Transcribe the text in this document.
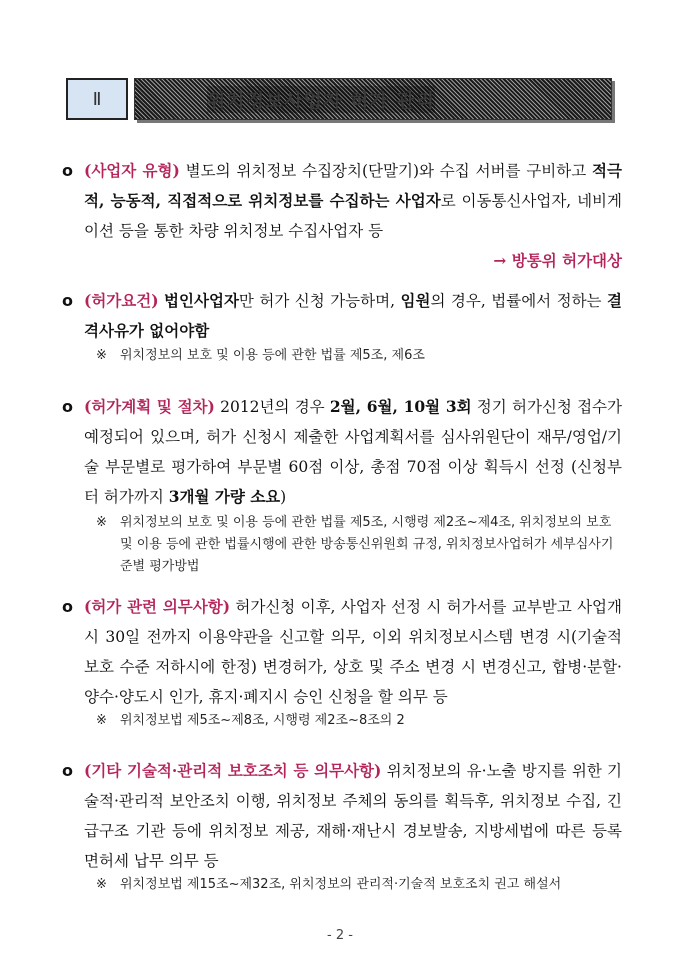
Ⅱ	위치정보사업자 허가 관리
ο (사업자 유형) 별도의 위치정보 수집장치(단말기)와 수집 서버를 구비하고 적극적, 능동적, 직접적으로 위치정보를 수집하는 사업자로 이동통신사업자, 네비게이션 등을 통한 차량 위치정보 수집사업자 등
→ 방통위 허가대상
ο (허가요건) 법인사업자만 허가 신청 가능하며, 임원의 경우, 법률에서 정하는 결격사유가 없어야함
※ 위치정보의 보호 및 이용 등에 관한 법률 제5조, 제6조
ο (허가계획 및 절차) 2012년의 경우 2월, 6월, 10월 3회 정기 허가신청 접수가 예정되어 있으며, 허가 신청시 제출한 사업계획서를 심사위원단이 재무/영업/기술 부문별로 평가하여 부문별 60점 이상, 총점 70점 이상 획득시 선정 (신청부터 허가까지 3개월 가량 소요)
※ 위치정보의 보호 및 이용 등에 관한 법률 제5조, 시행령 제2조~제4조, 위치정보의 보호 및 이용 등에 관한 법률시행에 관한 방송통신위원회 규정, 위치정보사업허가 세부심사기준별 평가방법
ο (허가 관련 의무사항) 허가신청 이후, 사업자 선정 시 허가서를 교부받고 사업개시 30일 전까지 이용약관을 신고할 의무, 이외 위치정보시스템 변경 시(기술적 보호 수준 저하시에 한정) 변경허가, 상호 및 주소 변경 시 변경신고, 합병·분할·양수·양도시 인가, 휴지·폐지시 승인 신청을 할 의무 등
※ 위치정보법 제5조~제8조, 시행령 제2조~8조의 2
ο (기타 기술적·관리적 보호조치 등 의무사항) 위치정보의 유·노출 방지를 위한 기술적·관리적 보안조치 이행, 위치정보 주체의 동의를 획득후, 위치정보 수집, 긴급구조 기관 등에 위치정보 제공, 재해·재난시 경보발송, 지방세법에 따른 등록 면허세 납무 의무 등
※ 위치정보법 제15조~제32조, 위치정보의 관리적·기술적 보호조치 권고 해설서
- 2 -
